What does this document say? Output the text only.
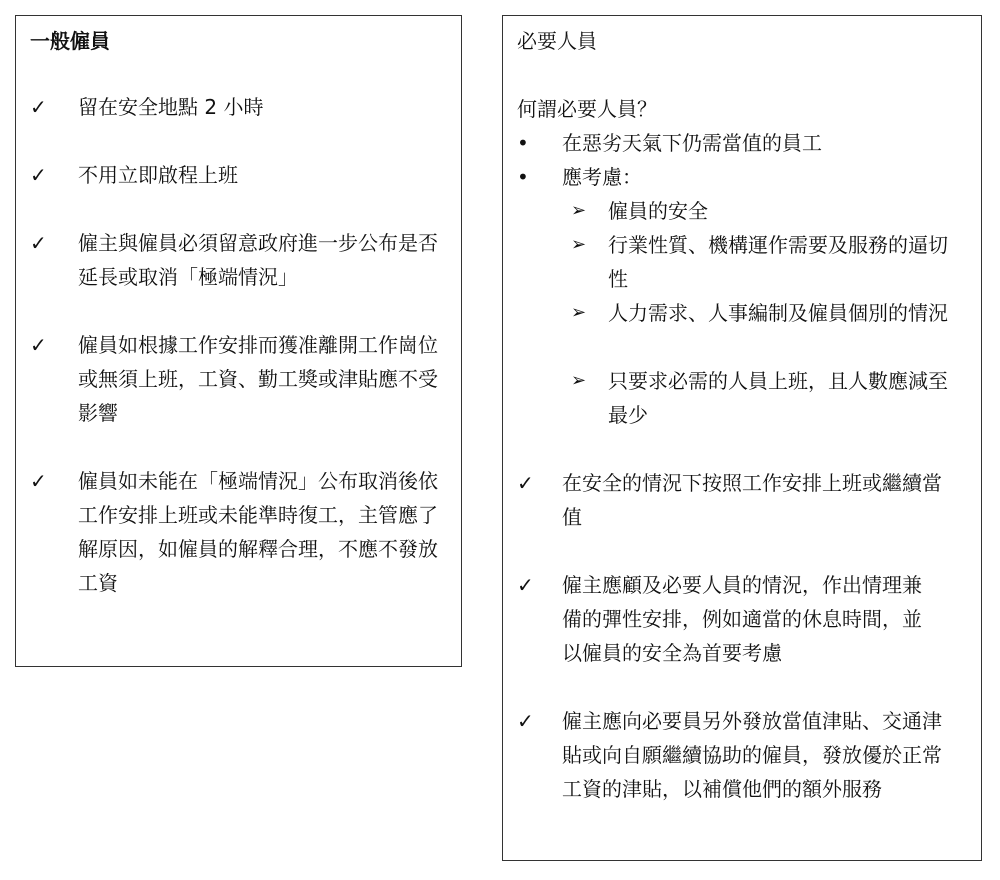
一般僱員
✓ 留在安全地點 2 小時
✓ 不用立即啟程上班
✓ 僱主與僱員必須留意政府進一步公布是否延長或取消「極端情況」
✓ 僱員如根據工作安排而獲准離開工作崗位或無須上班，工資、勤工獎或津貼應不受影響
✓ 僱員如未能在「極端情況」公布取消後依工作安排上班或未能準時復工，主管應了解原因，如僱員的解釋合理，不應不發放工資
必要人員
何謂必要人員？
• 在惡劣天氣下仍需當值的員工
• 應考慮：
➢ 僱員的安全
➢ 行業性質、機構運作需要及服務的逼切性
➢ 人力需求、人事編制及僱員個別的情況
➢ 只要求必需的人員上班，且人數應減至最少
✓ 在安全的情況下按照工作安排上班或繼續當值
✓ 僱主應顧及必要人員的情況，作出情理兼備的彈性安排，例如適當的休息時間，並以僱員的安全為首要考慮
✓ 僱主應向必要員另外發放當值津貼、交通津貼或向自願繼續協助的僱員，發放優於正常工資的津貼，以補償他們的額外服務
